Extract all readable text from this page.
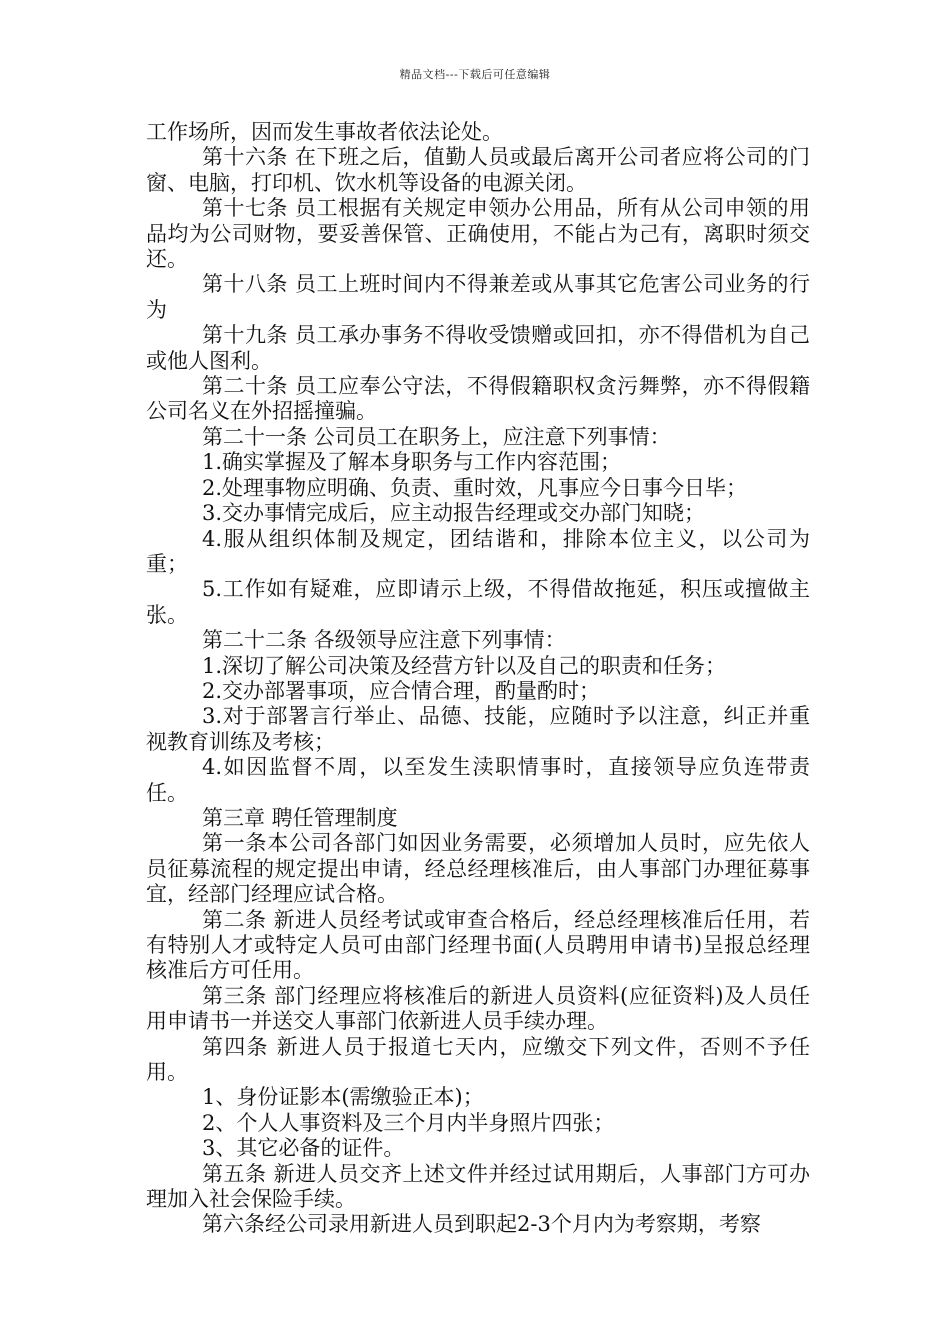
精品文档---下载后可任意编辑

工作场所，因而发生事故者依法论处。

第十六条 在下班之后，值勤人员或最后离开公司者应将公司的门窗、电脑，打印机、饮水机等设备的电源关闭。

第十七条 员工根据有关规定申领办公用品，所有从公司申领的用品均为公司财物，要妥善保管、正确使用，不能占为己有，离职时须交还。

第十八条 员工上班时间内不得兼差或从事其它危害公司业务的行为

第十九条 员工承办事务不得收受馈赠或回扣，亦不得借机为自己或他人图利。

第二十条 员工应奉公守法，不得假籍职权贪污舞弊，亦不得假籍公司名义在外招摇撞骗。

第二十一条 公司员工在职务上，应注意下列事情：

1.确实掌握及了解本身职务与工作内容范围；

2.处理事物应明确、负责、重时效，凡事应今日事今日毕；

3.交办事情完成后，应主动报告经理或交办部门知晓；

4.服从组织体制及规定，团结谐和，排除本位主义，以公司为重；

5.工作如有疑难，应即请示上级，不得借故拖延，积压或擅做主张。

第二十二条 各级领导应注意下列事情：

1.深切了解公司决策及经营方针以及自己的职责和任务；

2.交办部署事项，应合情合理，酌量酌时；

3.对于部署言行举止、品德、技能，应随时予以注意，纠正并重视教育训练及考核；

4.如因监督不周，以至发生渎职情事时，直接领导应负连带责任。

第三章 聘任管理制度

第一条本公司各部门如因业务需要，必须增加人员时，应先依人员征募流程的规定提出申请，经总经理核准后，由人事部门办理征募事宜，经部门经理应试合格。

第二条 新进人员经考试或审查合格后，经总经理核准后任用，若有特别人才或特定人员可由部门经理书面(人员聘用申请书)呈报总经理核准后方可任用。

第三条 部门经理应将核准后的新进人员资料(应征资料)及人员任用申请书一并送交人事部门依新进人员手续办理。

第四条 新进人员于报道七天内，应缴交下列文件，否则不予任用。

1、身份证影本(需缴验正本)；

2、个人人事资料及三个月内半身照片四张；

3、其它必备的证件。

第五条 新进人员交齐上述文件并经过试用期后，人事部门方可办理加入社会保险手续。

第六条经公司录用新进人员到职起2-3个月内为考察期，考察
